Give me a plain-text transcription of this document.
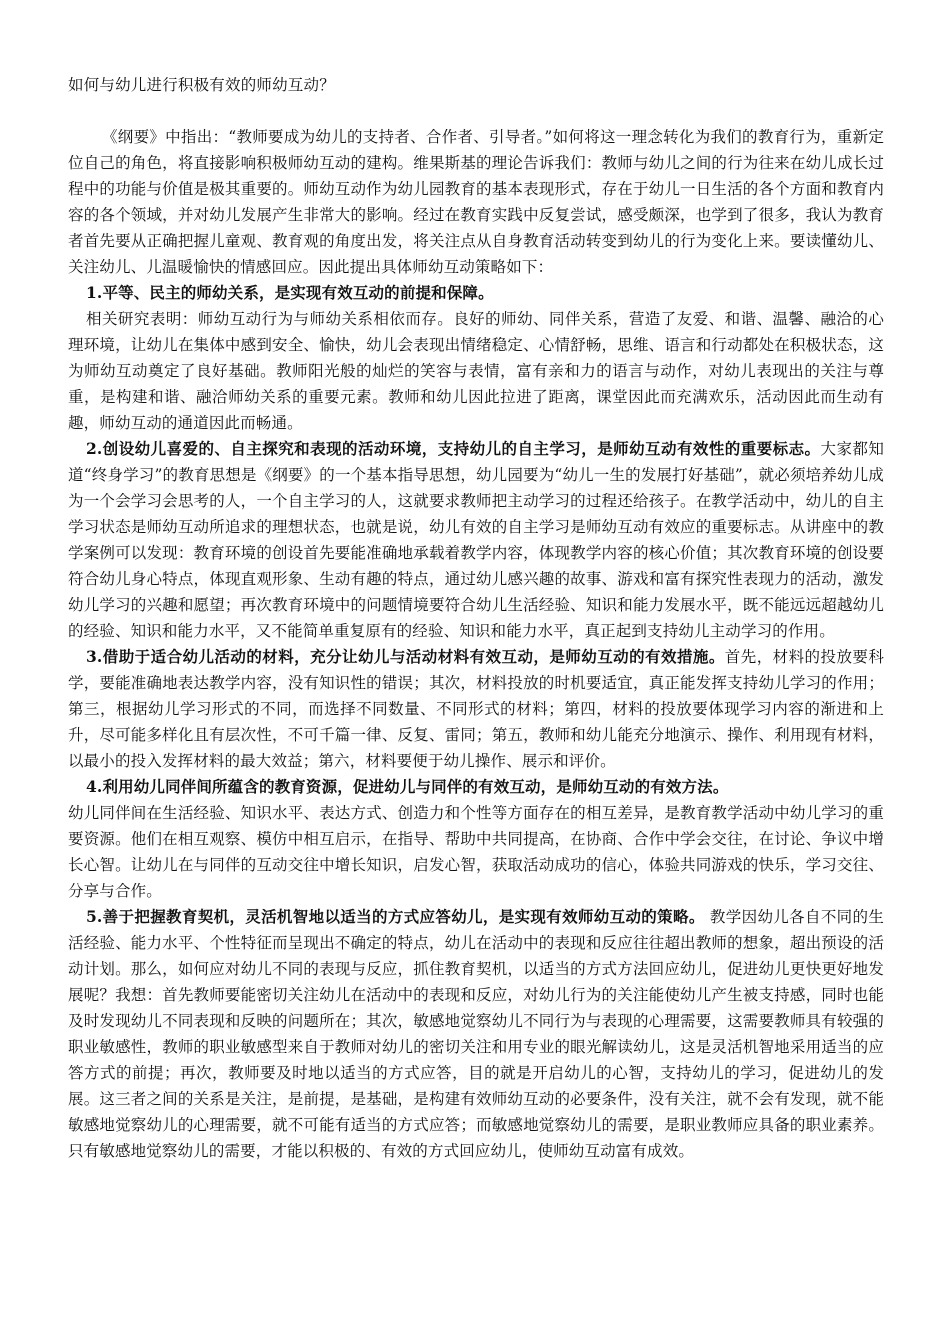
如何与幼儿进行积极有效的师幼互动？

《纲要》中指出：“教师要成为幼儿的支持者、合作者、引导者。”如何将这一理念转化为我们的教育行为，重新定位自己的角色，将直接影响积极师幼互动的建构。维果斯基的理论告诉我们：教师与幼儿之间的行为往来在幼儿成长过程中的功能与价值是极其重要的。师幼互动作为幼儿园教育的基本表现形式，存在于幼儿一日生活的各个方面和教育内容的各个领域，并对幼儿发展产生非常大的影响。经过在教育实践中反复尝试，感受颇深，也学到了很多，我认为教育者首先要从正确把握儿童观、教育观的角度出发，将关注点从自身教育活动转变到幼儿的行为变化上来。要读懂幼儿、关注幼儿、儿温暖愉快的情感回应。因此提出具体师幼互动策略如下：

1.平等、民主的师幼关系，是实现有效互动的前提和保障。

相关研究表明：师幼互动行为与师幼关系相依而存。良好的师幼、同伴关系，营造了友爱、和谐、温馨、融洽的心理环境，让幼儿在集体中感到安全、愉快，幼儿会表现出情绪稳定、心情舒畅，思维、语言和行动都处在积极状态，这为师幼互动奠定了良好基础。教师阳光般的灿烂的笑容与表情，富有亲和力的语言与动作，对幼儿表现出的关注与尊重，是构建和谐、融洽师幼关系的重要元素。教师和幼儿因此拉进了距离，课堂因此而充满欢乐，活动因此而生动有趣，师幼互动的通道因此而畅通。

2.创设幼儿喜爱的、自主探究和表现的活动环境，支持幼儿的自主学习，是师幼互动有效性的重要标志。大家都知道“终身学习”的教育思想是《纲要》的一个基本指导思想，幼儿园要为“幼儿一生的发展打好基础”，就必须培养幼儿成为一个会学习会思考的人，一个自主学习的人，这就要求教师把主动学习的过程还给孩子。在教学活动中，幼儿的自主学习状态是师幼互动所追求的理想状态，也就是说，幼儿有效的自主学习是师幼互动有效应的重要标志。从讲座中的教学案例可以发现：教育环境的创设首先要能准确地承载着教学内容，体现教学内容的核心价值；其次教育环境的创设要符合幼儿身心特点，体现直观形象、生动有趣的特点，通过幼儿感兴趣的故事、游戏和富有探究性表现力的活动，激发幼儿学习的兴趣和愿望；再次教育环境中的问题情境要符合幼儿生活经验、知识和能力发展水平，既不能远远超越幼儿的经验、知识和能力水平，又不能简单重复原有的经验、知识和能力水平，真正起到支持幼儿主动学习的作用。

3.借助于适合幼儿活动的材料，充分让幼儿与活动材料有效互动，是师幼互动的有效措施。首先，材料的投放要科学，要能准确地表达教学内容，没有知识性的错误；其次，材料投放的时机要适宜，真正能发挥支持幼儿学习的作用；第三，根据幼儿学习形式的不同，而选择不同数量、不同形式的材料；第四，材料的投放要体现学习内容的渐进和上升，尽可能多样化且有层次性，不可千篇一律、反复、雷同；第五，教师和幼儿能充分地演示、操作、利用现有材料，以最小的投入发挥材料的最大效益；第六，材料要便于幼儿操作、展示和评价。

4.利用幼儿同伴间所蕴含的教育资源，促进幼儿与同伴的有效互动，是师幼互动的有效方法。

幼儿同伴间在生活经验、知识水平、表达方式、创造力和个性等方面存在的相互差异，是教育教学活动中幼儿学习的重要资源。他们在相互观察、模仿中相互启示，在指导、帮助中共同提高，在协商、合作中学会交往，在讨论、争议中增长心智。让幼儿在与同伴的互动交往中增长知识，启发心智，获取活动成功的信心，体验共同游戏的快乐，学习交往、分享与合作。

5.善于把握教育契机，灵活机智地以适当的方式应答幼儿，是实现有效师幼互动的策略。 教学因幼儿各自不同的生活经验、能力水平、个性特征而呈现出不确定的特点，幼儿在活动中的表现和反应往往超出教师的想象，超出预设的活动计划。那么，如何应对幼儿不同的表现与反应，抓住教育契机，以适当的方式方法回应幼儿，促进幼儿更快更好地发展呢？我想：首先教师要能密切关注幼儿在活动中的表现和反应，对幼儿行为的关注能使幼儿产生被支持感，同时也能及时发现幼儿不同表现和反映的问题所在；其次，敏感地觉察幼儿不同行为与表现的心理需要，这需要教师具有较强的职业敏感性，教师的职业敏感型来自于教师对幼儿的密切关注和用专业的眼光解读幼儿，这是灵活机智地采用适当的应答方式的前提；再次，教师要及时地以适当的方式应答，目的就是开启幼儿的心智，支持幼儿的学习，促进幼儿的发展。这三者之间的关系是关注，是前提，是基础，是构建有效师幼互动的必要条件，没有关注，就不会有发现，就不能敏感地觉察幼儿的心理需要，就不可能有适当的方式应答；而敏感地觉察幼儿的需要，是职业教师应具备的职业素养。只有敏感地觉察幼儿的需要，才能以积极的、有效的方式回应幼儿，使师幼互动富有成效。
